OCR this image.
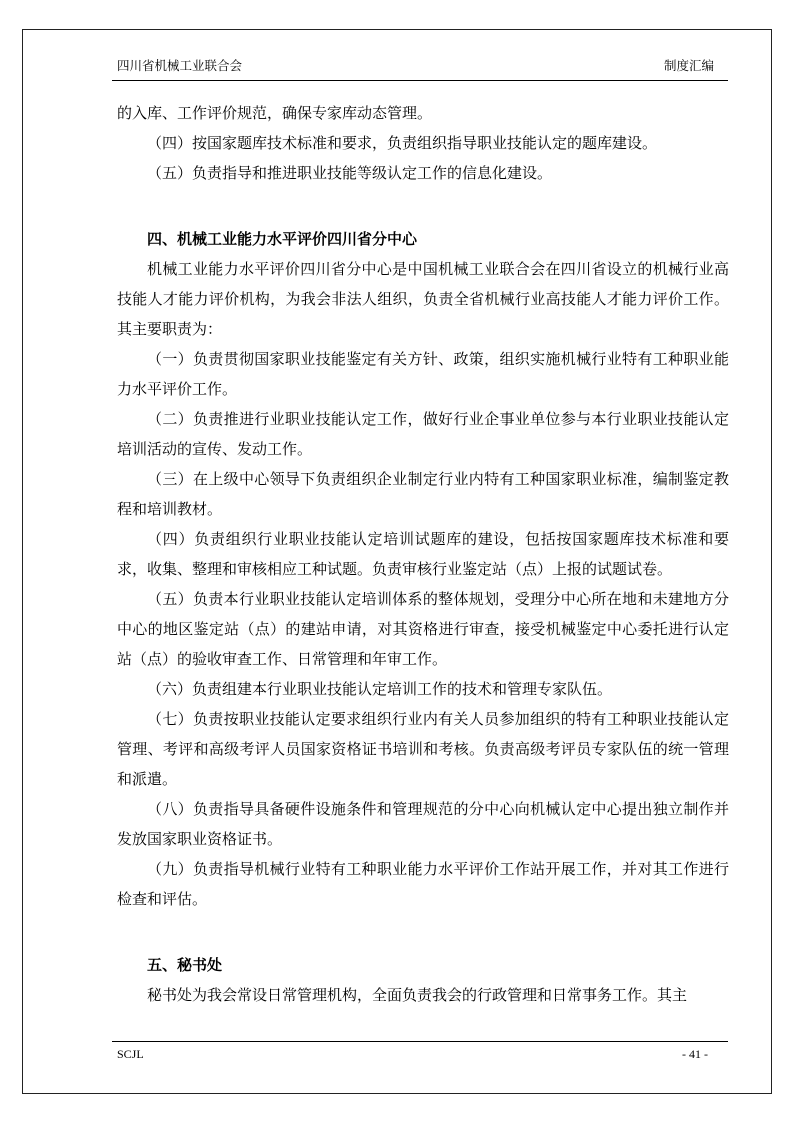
四川省机械工业联合会	制度汇编

的入库、工作评价规范，确保专家库动态管理。

（四）按国家题库技术标准和要求，负责组织指导职业技能认定的题库建设。

（五）负责指导和推进职业技能等级认定工作的信息化建设。

四、机械工业能力水平评价四川省分中心

机械工业能力水平评价四川省分中心是中国机械工业联合会在四川省设立的机械行业高技能人才能力评价机构，为我会非法人组织，负责全省机械行业高技能人才能力评价工作。其主要职责为：

（一）负责贯彻国家职业技能鉴定有关方针、政策，组织实施机械行业特有工种职业能力水平评价工作。

（二）负责推进行业职业技能认定工作，做好行业企事业单位参与本行业职业技能认定培训活动的宣传、发动工作。

（三）在上级中心领导下负责组织企业制定行业内特有工种国家职业标准，编制鉴定教程和培训教材。

（四）负责组织行业职业技能认定培训试题库的建设，包括按国家题库技术标准和要求，收集、整理和审核相应工种试题。负责审核行业鉴定站（点）上报的试题试卷。

（五）负责本行业职业技能认定培训体系的整体规划，受理分中心所在地和未建地方分中心的地区鉴定站（点）的建站申请，对其资格进行审查，接受机械鉴定中心委托进行认定站（点）的验收审查工作、日常管理和年审工作。

（六）负责组建本行业职业技能认定培训工作的技术和管理专家队伍。

（七）负责按职业技能认定要求组织行业内有关人员参加组织的特有工种职业技能认定管理、考评和高级考评人员国家资格证书培训和考核。负责高级考评员专家队伍的统一管理和派遣。

（八）负责指导具备硬件设施条件和管理规范的分中心向机械认定中心提出独立制作并发放国家职业资格证书。

（九）负责指导机械行业特有工种职业能力水平评价工作站开展工作，并对其工作进行检查和评估。

五、秘书处

秘书处为我会常设日常管理机构，全面负责我会的行政管理和日常事务工作。其主

SCJL	- 41 -
